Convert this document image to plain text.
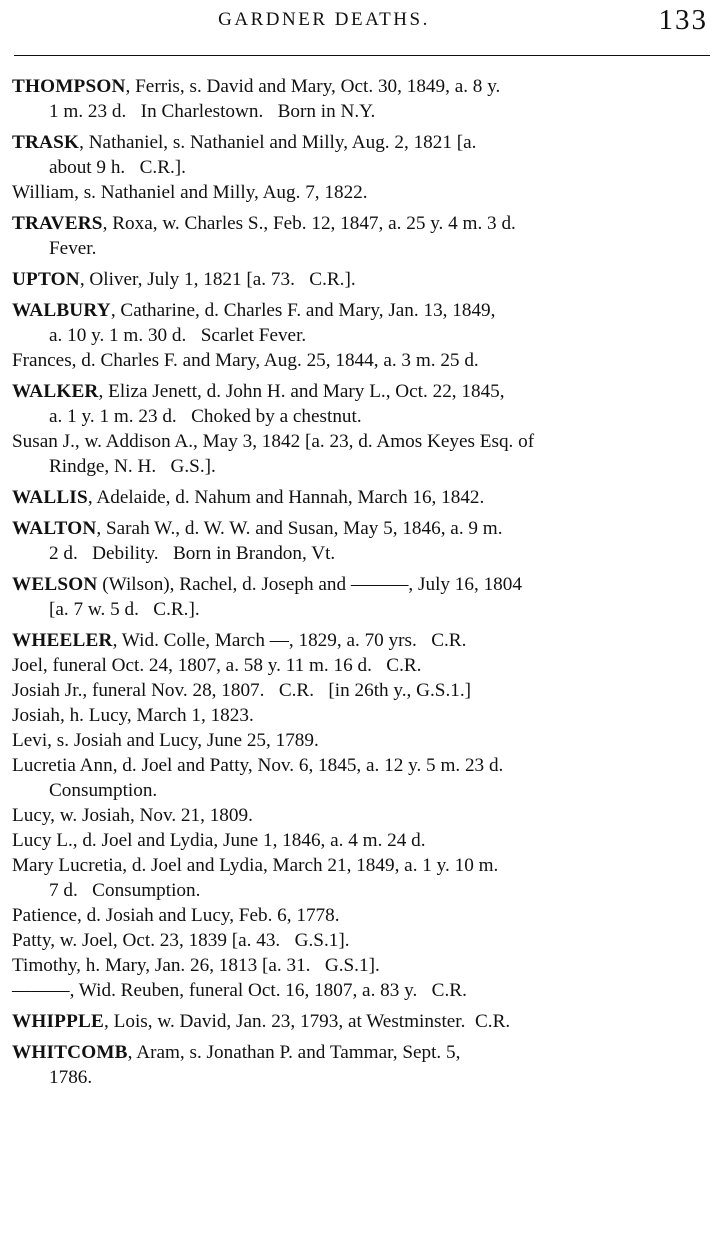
GARDNER DEATHS.	133
THOMPSON, Ferris, s. David and Mary, Oct. 30, 1849, a. 8 y.
1 m. 23 d.   In Charlestown.   Born in N.Y.
TRASK, Nathaniel, s. Nathaniel and Milly, Aug. 2, 1821 [a.
about 9 h.   C.R.].
William, s. Nathaniel and Milly, Aug. 7, 1822.
TRAVERS, Roxa, w. Charles S., Feb. 12, 1847, a. 25 y. 4 m. 3 d.
Fever.
UPTON, Oliver, July 1, 1821 [a. 73.   C.R.].
WALBURY, Catharine, d. Charles F. and Mary, Jan. 13, 1849,
a. 10 y. 1 m. 30 d.   Scarlet Fever.
Frances, d. Charles F. and Mary, Aug. 25, 1844, a. 3 m. 25 d.
WALKER, Eliza Jenett, d. John H. and Mary L., Oct. 22, 1845,
a. 1 y. 1 m. 23 d.   Choked by a chestnut.
Susan J., w. Addison A., May 3, 1842 [a. 23, d. Amos Keyes Esq. of
Rindge, N. H.   G.S.].
WALLIS, Adelaide, d. Nahum and Hannah, March 16, 1842.
WALTON, Sarah W., d. W. W. and Susan, May 5, 1846, a. 9 m.
2 d.   Debility.   Born in Brandon, Vt.
WELSON (Wilson), Rachel, d. Joseph and ———, July 16, 1804
[a. 7 w. 5 d.   C.R.].
WHEELER, Wid. Colle, March —, 1829, a. 70 yrs.   C.R.
Joel, funeral Oct. 24, 1807, a. 58 y. 11 m. 16 d.   C.R.
Josiah Jr., funeral Nov. 28, 1807.   C.R.   [in 26th y., G.S.1.]
Josiah, h. Lucy, March 1, 1823.
Levi, s. Josiah and Lucy, June 25, 1789.
Lucretia Ann, d. Joel and Patty, Nov. 6, 1845, a. 12 y. 5 m. 23 d.
Consumption.
Lucy, w. Josiah, Nov. 21, 1809.
Lucy L., d. Joel and Lydia, June 1, 1846, a. 4 m. 24 d.
Mary Lucretia, d. Joel and Lydia, March 21, 1849, a. 1 y. 10 m.
7 d.   Consumption.
Patience, d. Josiah and Lucy, Feb. 6, 1778.
Patty, w. Joel, Oct. 23, 1839 [a. 43.   G.S.1].
Timothy, h. Mary, Jan. 26, 1813 [a. 31.   G.S.1].
———, Wid. Reuben, funeral Oct. 16, 1807, a. 83 y.   C.R.
WHIPPLE, Lois, w. David, Jan. 23, 1793, at Westminster.  C.R.
WHITCOMB, Aram, s. Jonathan P. and Tammar, Sept. 5,
1786.
